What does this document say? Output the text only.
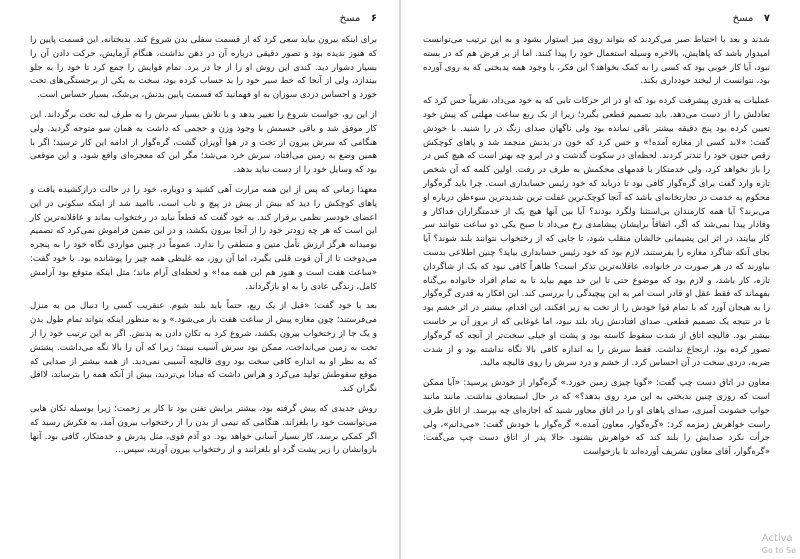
۶ مسخ

برای اینکه بیرون بیاید سعی کرد که از قسمت سفلی بدن شروع کند. بدبختانه، این قسمت پایین را که هنوز ندیده بود و تصور دقیقی درباره آن در ذهن نداشت، هنگام آزمایش، حرکت دادن آن را بسیار دشوار دید. کندی این روش او را از جا در برد. تمام قوایش را جمع کرد تا خود را به جلو بیندازد، ولی از آنجا که خط سیر خود را بد حساب کرده بود، سخت به یکی از برجستگی‌های تخت خورد و احساس دردی سوزان به او فهمانید که قسمت پایین بدنش، بی‌شک، بسیار حساس است.

از این رو، خواست شروع را تغییر بدهد و با تلاش بسیار سرش را به طرف لبه تخت برگرداند. این کار موفق شد و باقی جسمش با وجود وزن و حجمی که داشت به همان سو متوجه گردید. ولی هنگامی که سرش بیرون از تخت و در هوا آویزان گشت، گره‌گوار از ادامه این کار ترسید؛ اگر با همین وضع به زمین می‌افتاد، سرش خرد می‌شد؛ مگر این که معجزه‌ای واقع شود، و این موقعی بود که وسایل خود را از دست نباید بدهد.

معهذا زمانی که پس از این همه مرارت آهی کشید و دوباره، خود را در حالت درازکشیده یافت و پاهای کوچکش را دید که بیش از پیش در پیچ و تاب است، ناامید شد از اینکه سکونی در این اعضای خودسر نظمی برقرار کند. به خود گفت که قطعاً نباید در رختخواب بماند و عاقلانه‌ترین کار این است که هر چه زودتر خود را از آنجا بیرون بکشد، و در این ضمن فراموش نمی‌کرد که تصمیم نومیدانه هرگز ارزش تأمل متین و منطقی را ندارد. عموماً در چنین مواردی نگاه خود را به پنجره می‌دوخت تا از آن قوت قلبی بگیرد، اما آن روز، مه غلیظی همه چیز را پوشانده بود. با خود گفت: «ساعت هفت است و هنوز هم این همه مه!» و لحظه‌ای آرام ماند؛ مثل اینکه متوقع بود آرامش کامل، زندگی عادی را به او بازگرداند.

بعد با خود گفت: «قبل از یک ربع، حتماً باید بلند شوم. عنقریب کسی را دنبال من به منزل می‌فرستند؛ چون مغازه پیش از ساعت هفت باز می‌شود.» و به منظور اینکه بتواند تمام طول بدن و یک جا از رختخواب بیرون بکشد، شروع کرد به تکان دادن به بدنش. اگر به این ترتیب خود را از تخت به زمین می‌انداخت، ممکن بود سرش آسیب نبیند؛ زیرا که آن را بالا نگه می‌داشت. پشتش که به نظر او به اندازه کافی سخت بود روی قالیچه آسیبی نمی‌دید. از همه بیشتر از صدایی که موقع سقوطش تولید می‌کرد و هراس داشت که مبادا بی‌تردید، بیش از آنکه همه را بترساند، لااقل نگران کند.

روش جدیدی که پیش گرفته بود، بیشتر برایش تفنن بود تا کار پر زحمت؛ زیرا بوسیله تکان هایی می‌توانست خود را بلغزاند. هنگامی که نیمی از بدن را از رختخواب بیرون آمد، به فکرش رسید که اگر کمکی برسد، کار بسیار آسانی خواهد بود. دو آدم قوی، مثل پدرش و خدمتکار، کافی بود. آنها بازوانشان را زیر پشت گرد او بلغزانند و از رختخواب بیرون آورند، سپس...

۷ مسخ

شدند و بعد با احتیاط صبر می‌کردند که بتواند روی میز استوار بشود و به این ترتیب می‌توانست امیدوار باشد که پاهایش، بالاخره وسیله استعمال خود را پیدا کنند. اما از بر فرض هم که در بسته نبود، آیا کار خوبی بود که کسی را به کمک بخواهد؟ این فکر، با وجود همه بدبختی که به روی آورده بود، نتوانست از لبخند خودداری بکند.

عملیات به قدری پیشرفت کرده بود که او در اثر حرکات تابی که به خود می‌داد، تقریباً حس کرد که تعادلش را از دست می‌دهد. باید تصمیم قطعی بگیرد؛ زیرا از یک ربع ساعت مهلتی که پیش خود تعیین کرده بود پنج دقیقه بیشتر باقی نمانده بود ولی ناگهان صدای زنگ در را شنید. با خودش گفت: «لابد کسی از مغازه آمده!» و حس کرد که خون در بدنش منجمد شد و پاهای کوچکش رقص جنون خود را تندتر کردند. لحظه‌ای در سکوت گذشت و در ایرو چه بهتر است که هیچ کس در را باز نخواهد کرد، ولی خدمتکار با قدمهای محکمش به طرف در رفت. اولین کلمه که آن شخص تازه وارد گفت برای گره‌گوار کافی بود تا دریابد که خود رئیس حسابداری است. چرا باید گره‌گوار محکوم به خدمت در تجارتخانه‌ای باشد که آنجا کوچک‌ترین غفلت ترین شدیدترین سوءظن درباره او می‌برند؟ آیا همه کارمندان بی‌استثنا ولگرد بودند؟ آیا بین آنها هیچ یک از خدمتگزاران فداکار و وفادار پیدا نمی‌شد که اگر، اتفاقاً برایشان پیشامدی رخ می‌داد تا صبح یکی دو ساعت نتوانند سر کار بیایند، در اثر این پشیمانی حالشان منقلب شود، تا جایی که از رختخواب نتوانند بلند شوند؟ آیا بجای آنکه شاگرد مغازه را بفرستند، لازم بود که خود رئیس حسابداری بیاید؟ چنین اطلاعی بدست بیاورند که در هر صورت در خانواده، عاقلانه‌ترین تذکر است؟ ظاهراً کافی نبود که یک از شاگردان تازه، کار باشد، و لازم بود که موضوع حتی تا این حد مهم بیاید تا به تمام افراد خانواده بی‌گناه بفهماند که فقط عقل او قادر است امر به این پیچیدگی را بررسی کند. این افکار به قدری گره‌گوار را به هیجان آورد که با تمام قوا خودش را از تخت به زیر افکند، این اقدام، بیشتر در اثر خشم بود تا در نتیجه یک تصمیم قطعی. صدای افتادنش زیاد بلند نبود، اما غوغایی که از بروز آن بر خاست بیشتر بود. قالیچه اتاق از شدت سقوط کاسته بود و پشت او خیلی سخت‌تر از آنچه که گره‌گوار تصور کرده بود، ارتجاع نداشت. فقط سرش را به اندازه کافی بالا نگاه نداشته بود و از شدت ضربه، دردی سخت در آن احساس کرد. از خشم و درد سرش را روی قالیچه مالید.

معاون در اتاق دست چپ گفت: «گویا چیزی زمین خورد.» گره‌گوار از خودش پرسید: «آیا ممکن است که روزی چنین بدبختی به این مرد روی بدهد؟» که در حال استبعادی نداشت. مانند مانند جواب خشونت آمیزی، صدای پا‌های او را در اتاق مجاور شنید که اجازه‌ای چه بپرسد. از اتاق طرف راست خواهرش زمزمه کرد: «گره‌گوار، معاون آمده.» گره‌گوار با خودش گفت: «می‌دانم»، ولی جرأت نکرد صدایش را بلند کند که خواهرش بشنود. حالا پدر از اتاق دست چپ می‌گفت: «گره‌گوار، آقای معاون تشریف آورده‌اند تا بازخواست

Activa
Go to Se
